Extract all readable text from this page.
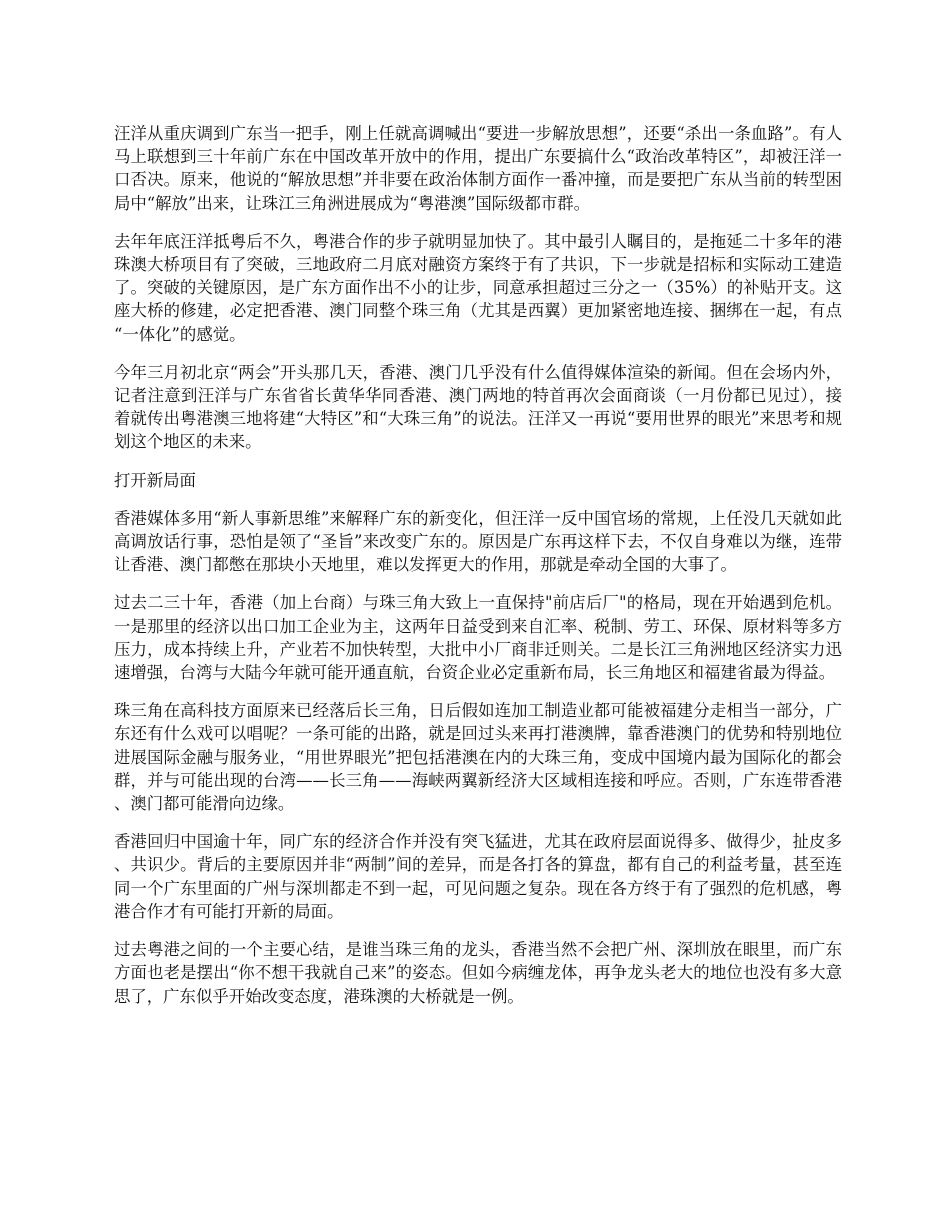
汪洋从重庆调到广东当一把手，刚上任就高调喊出“要进一步解放思想”，还要“杀出一条血路”。有人马上联想到三十年前广东在中国改革开放中的作用，提出广东要搞什么“政治改革特区”，却被汪洋一口否决。原来，他说的“解放思想”并非要在政治体制方面作一番冲撞，而是要把广东从当前的转型困局中“解放”出来，让珠江三角洲进展成为“粤港澳”国际级都市群。

去年年底汪洋抵粤后不久，粤港合作的步子就明显加快了。其中最引人瞩目的，是拖延二十多年的港珠澳大桥项目有了突破，三地政府二月底对融资方案终于有了共识，下一步就是招标和实际动工建造了。突破的关键原因，是广东方面作出不小的让步，同意承担超过三分之一（35%）的补贴开支。这座大桥的修建，必定把香港、澳门同整个珠三角（尤其是西翼）更加紧密地连接、捆绑在一起，有点“一体化”的感觉。

今年三月初北京“两会”开头那几天，香港、澳门几乎没有什么值得媒体渲染的新闻。但在会场内外，记者注意到汪洋与广东省省长黄华华同香港、澳门两地的特首再次会面商谈（一月份都已见过），接着就传出粤港澳三地将建“大特区”和“大珠三角”的说法。汪洋又一再说“要用世界的眼光”来思考和规划这个地区的未来。

打开新局面

香港媒体多用“新人事新思维”来解释广东的新变化，但汪洋一反中国官场的常规，上任没几天就如此高调放话行事，恐怕是领了“圣旨”来改变广东的。原因是广东再这样下去，不仅自身难以为继，连带让香港、澳门都憋在那块小天地里，难以发挥更大的作用，那就是牵动全国的大事了。

过去二三十年，香港（加上台商）与珠三角大致上一直保持"前店后厂"的格局，现在开始遇到危机。一是那里的经济以出口加工企业为主，这两年日益受到来自汇率、税制、劳工、环保、原材料等多方压力，成本持续上升，产业若不加快转型，大批中小厂商非迁则关。二是长江三角洲地区经济实力迅速增强，台湾与大陆今年就可能开通直航，台资企业必定重新布局，长三角地区和福建省最为得益。

珠三角在高科技方面原来已经落后长三角，日后假如连加工制造业都可能被福建分走相当一部分，广东还有什么戏可以唱呢？一条可能的出路，就是回过头来再打港澳牌，靠香港澳门的优势和特别地位进展国际金融与服务业，“用世界眼光”把包括港澳在内的大珠三角，变成中国境内最为国际化的都会群，并与可能出现的台湾——长三角——海峡两翼新经济大区域相连接和呼应。否则，广东连带香港、澳门都可能滑向边缘。

香港回归中国逾十年，同广东的经济合作并没有突飞猛进，尤其在政府层面说得多、做得少，扯皮多、共识少。背后的主要原因并非“两制”间的差异，而是各打各的算盘，都有自己的利益考量，甚至连同一个广东里面的广州与深圳都走不到一起，可见问题之复杂。现在各方终于有了强烈的危机感，粤港合作才有可能打开新的局面。

过去粤港之间的一个主要心结，是谁当珠三角的龙头，香港当然不会把广州、深圳放在眼里，而广东方面也老是摆出“你不想干我就自己来”的姿态。但如今病缠龙体，再争龙头老大的地位也没有多大意思了，广东似乎开始改变态度，港珠澳的大桥就是一例。
